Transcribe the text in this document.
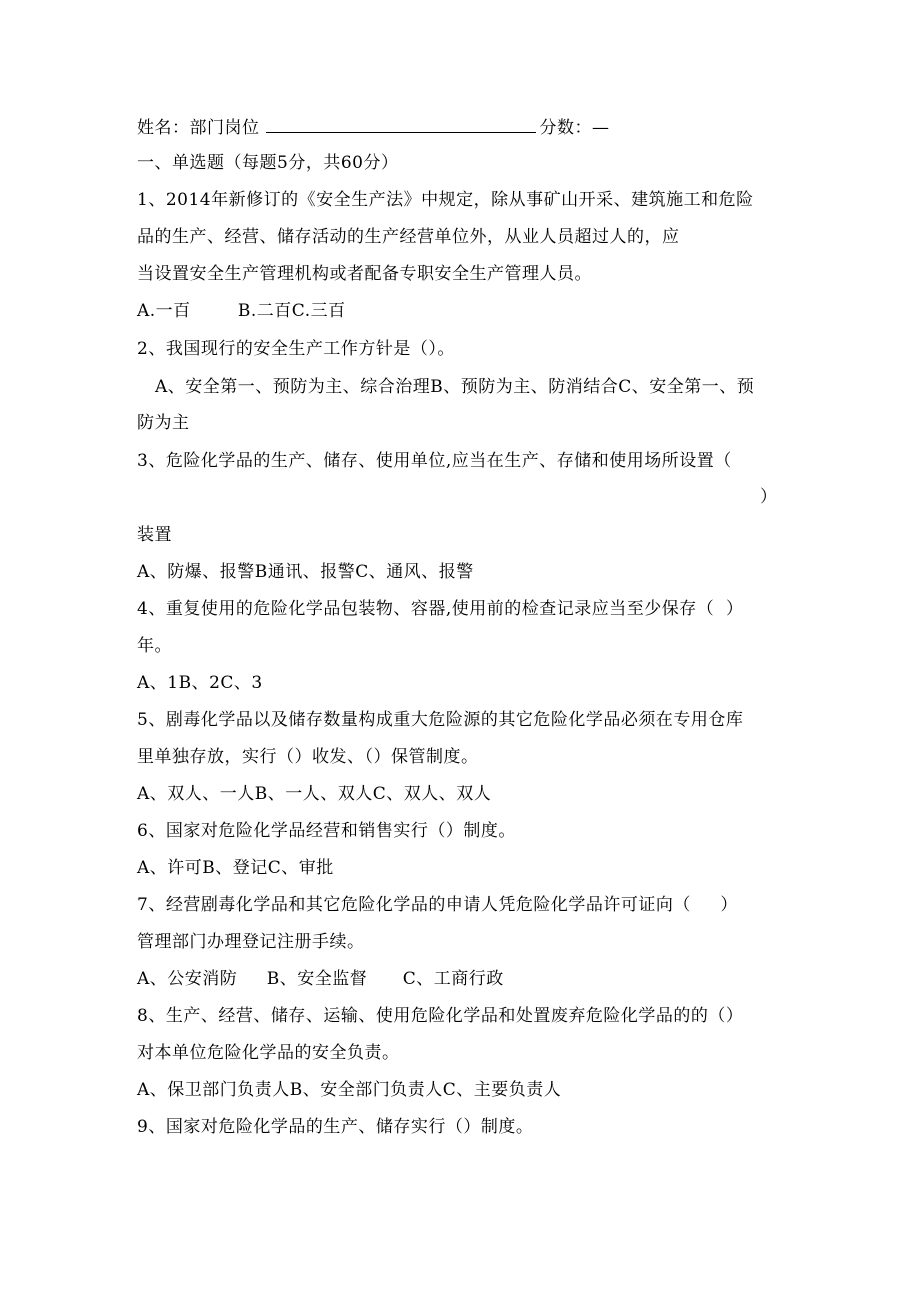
姓名：部门岗位	分数：—
一、单选题（每题5分，共60分）
1、2014年新修订的《安全生产法》中规定，除从事矿山开采、建筑施工和危险
品的生产、经营、储存活动的生产经营单位外，从业人员超过人的，应
当设置安全生产管理机构或者配备专职安全生产管理人员。
A.一百        B.二百C.三百
2、我国现行的安全生产工作方针是（）。
A、安全第一、预防为主、综合治理B、预防为主、防消结合C、安全第一、预
防为主
3、危险化学品的生产、储存、使用单位,应当在生产、存储和使用场所设置（
）
装置
A、防爆、报警B通讯、报警C、通风、报警
4、重复使用的危险化学品包装物、容器,使用前的检查记录应当至少保存（  ）
年。
A、1B、2C、3
5、剧毒化学品以及储存数量构成重大危险源的其它危险化学品必须在专用仓库
里单独存放，实行（）收发、（）保管制度。
A、双人、一人B、一人、双人C、双人、双人
6、国家对危险化学品经营和销售实行（）制度。
A、许可B、登记C、审批
7、经营剧毒化学品和其它危险化学品的申请人凭危险化学品许可证向（     ）
管理部门办理登记注册手续。
A、公安消防     B、安全监督      C、工商行政
8、生产、经营、储存、运输、使用危险化学品和处置废弃危险化学品的的（）
对本单位危险化学品的安全负责。
A、保卫部门负责人B、安全部门负责人C、主要负责人
9、国家对危险化学品的生产、储存实行（）制度。
